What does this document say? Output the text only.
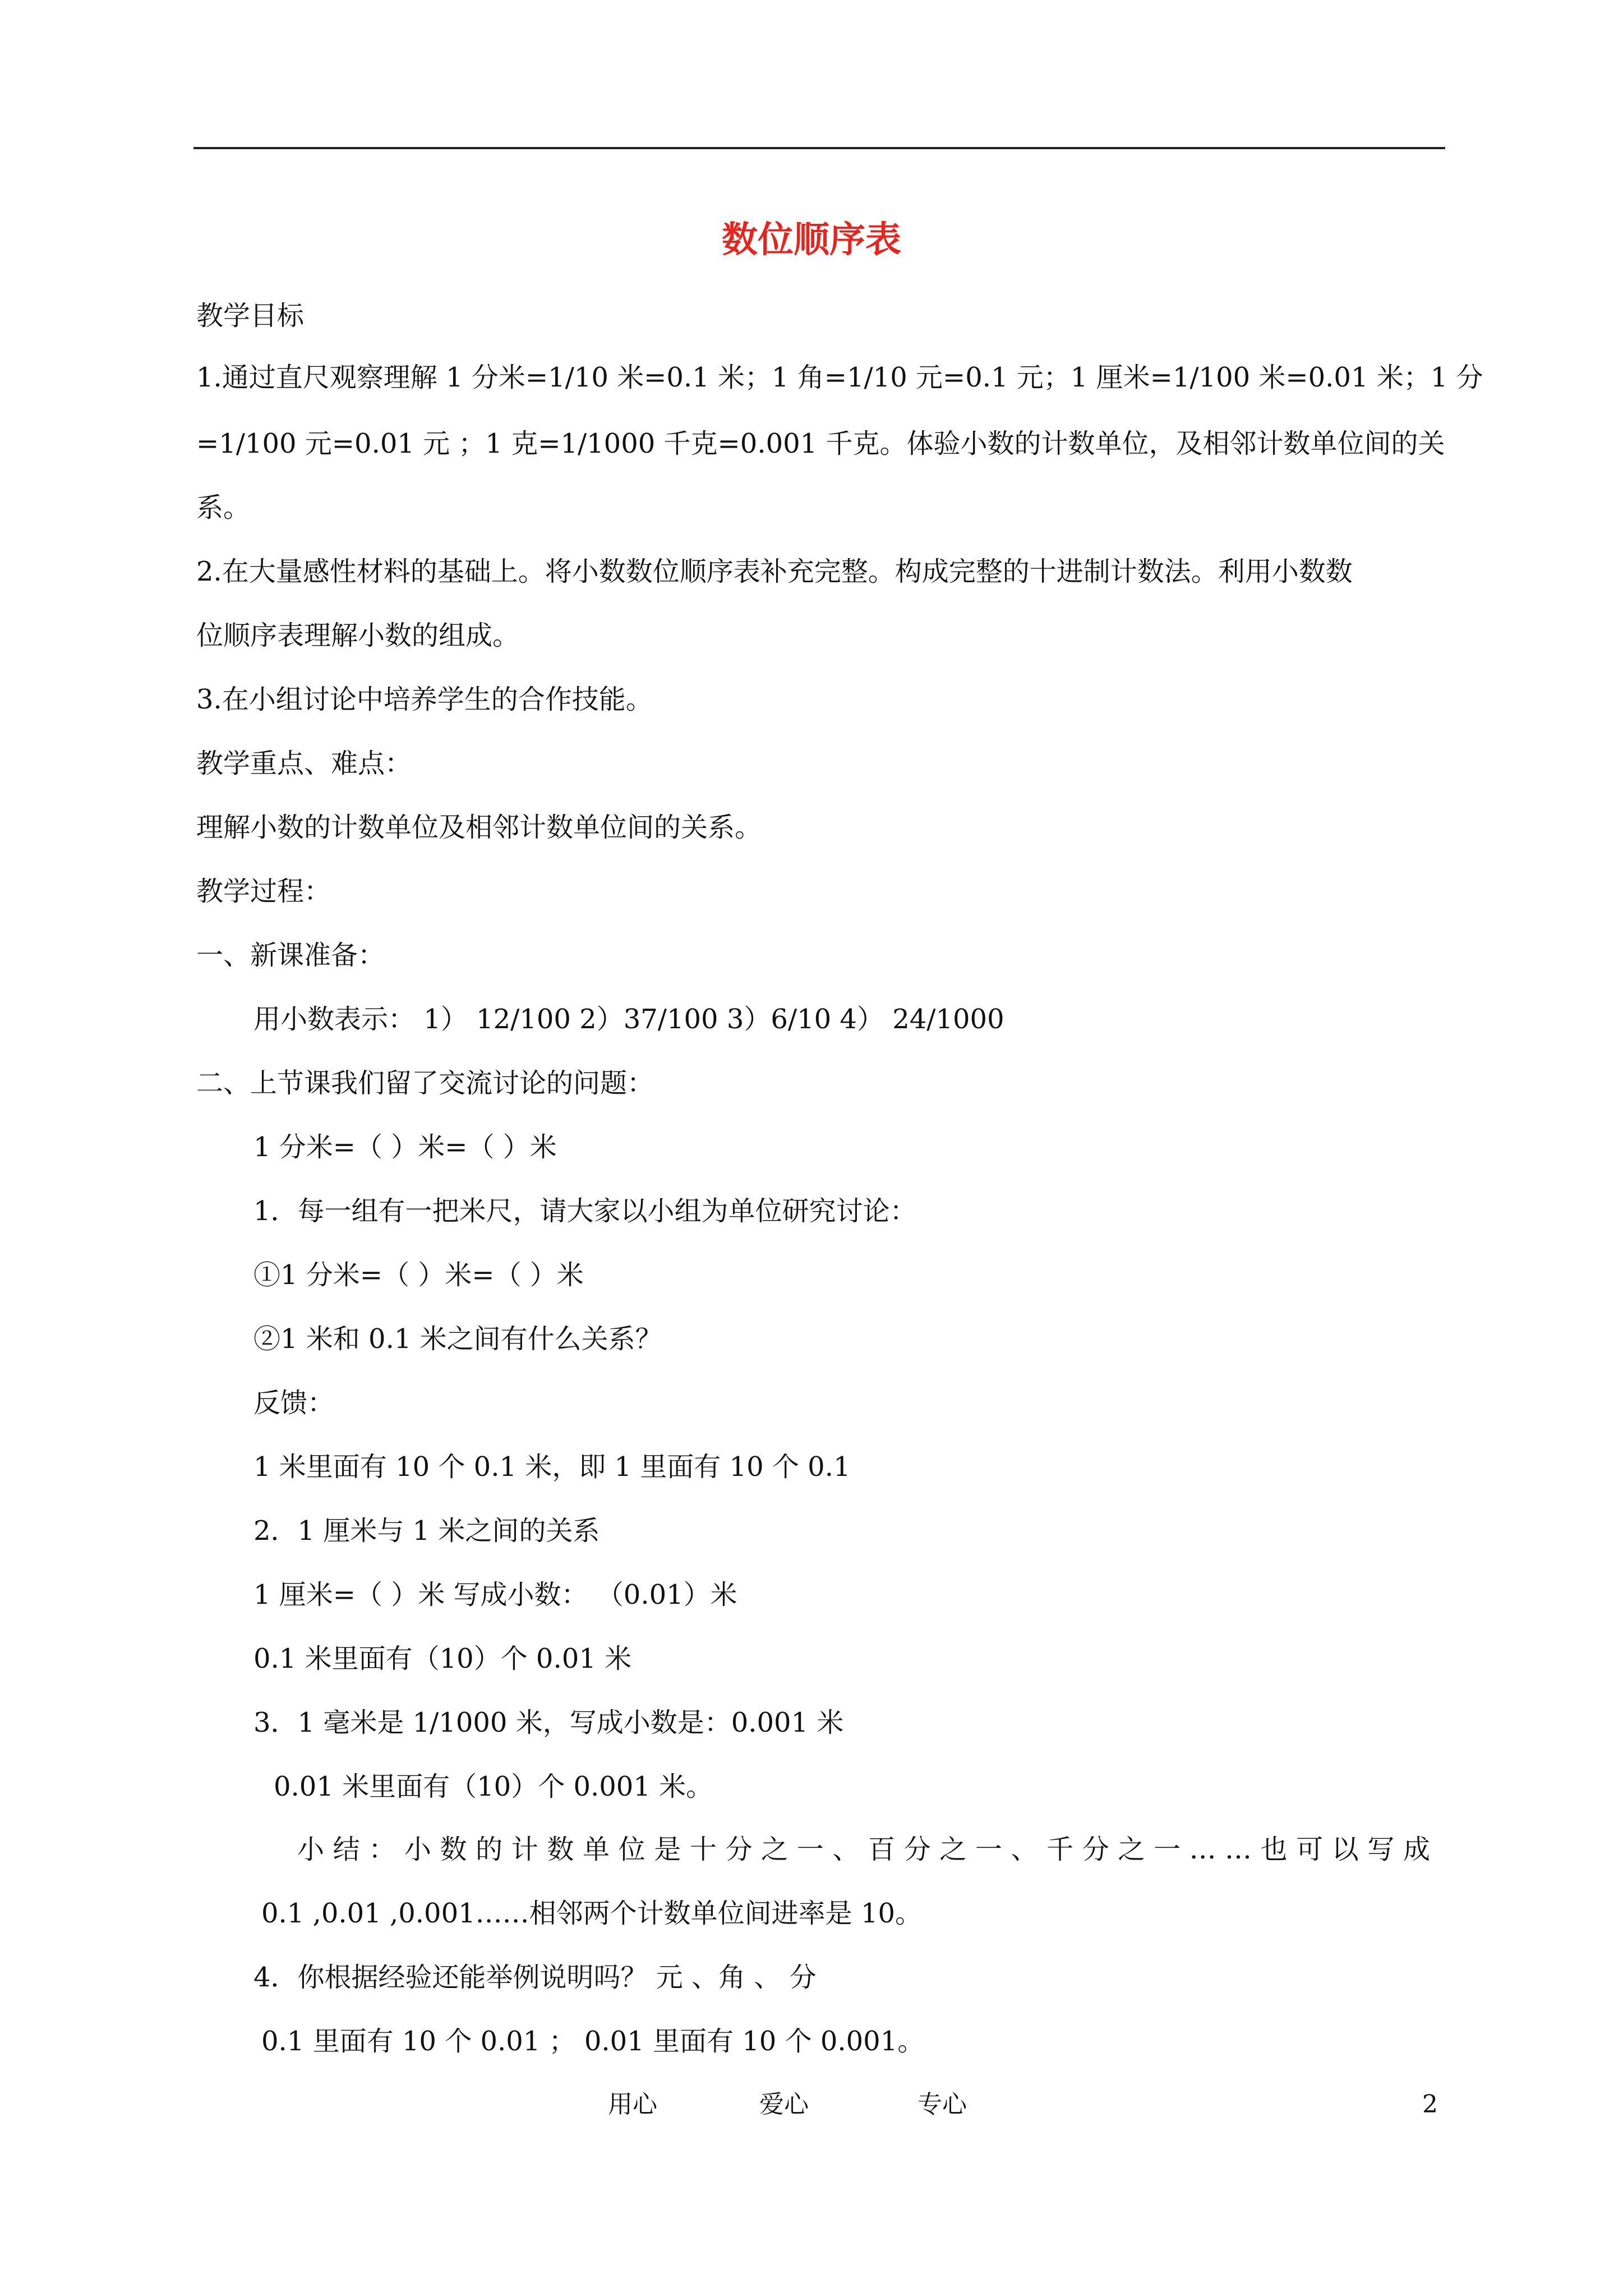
数位顺序表
教学目标
1.通过直尺观察理解 1 分米=1/10 米=0.1 米；1 角=1/10 元=0.1 元；1 厘米=1/100 米=0.01 米；1 分
=1/100 元=0.01 元 ；1 克=1/1000 千克=0.001 千克。体验小数的计数单位，及相邻计数单位间的关
系。
2.在大量感性材料的基础上。将小数数位顺序表补充完整。构成完整的十进制计数法。利用小数数
位顺序表理解小数的组成。
3.在小组讨论中培养学生的合作技能。
教学重点、难点：
理解小数的计数单位及相邻计数单位间的关系。
教学过程：
一、新课准备：
用小数表示： 1） 12/100 2）37/100 3）6/10 4） 24/1000
二、上节课我们留了交流讨论的问题：
1 分米=（ ）米=（ ）米
1．每一组有一把米尺，请大家以小组为单位研究讨论：
①1 分米=（ ）米=（ ）米
②1 米和 0.1 米之间有什么关系？
反馈：
1 米里面有 10 个 0.1 米，即 1 里面有 10 个 0.1
2．1 厘米与 1 米之间的关系
1 厘米=（ ）米 写成小数： （0.01）米
0.1 米里面有（10）个 0.01 米
3．1 毫米是 1/1000 米，写成小数是：0.001 米
0.01 米里面有（10）个 0.001 米。
小 结 ： 小 数 的 计 数 单 位 是 十 分 之 一 、 百 分 之 一 、 千 分 之 一 … … 也 可 以 写 成
0.1 ,0.01 ,0.001……相邻两个计数单位间进率是 10。
4．你根据经验还能举例说明吗？ 元 、角 、 分
0.1 里面有 10 个 0.01 ； 0.01 里面有 10 个 0.001。
用心	爱心	专心	2
